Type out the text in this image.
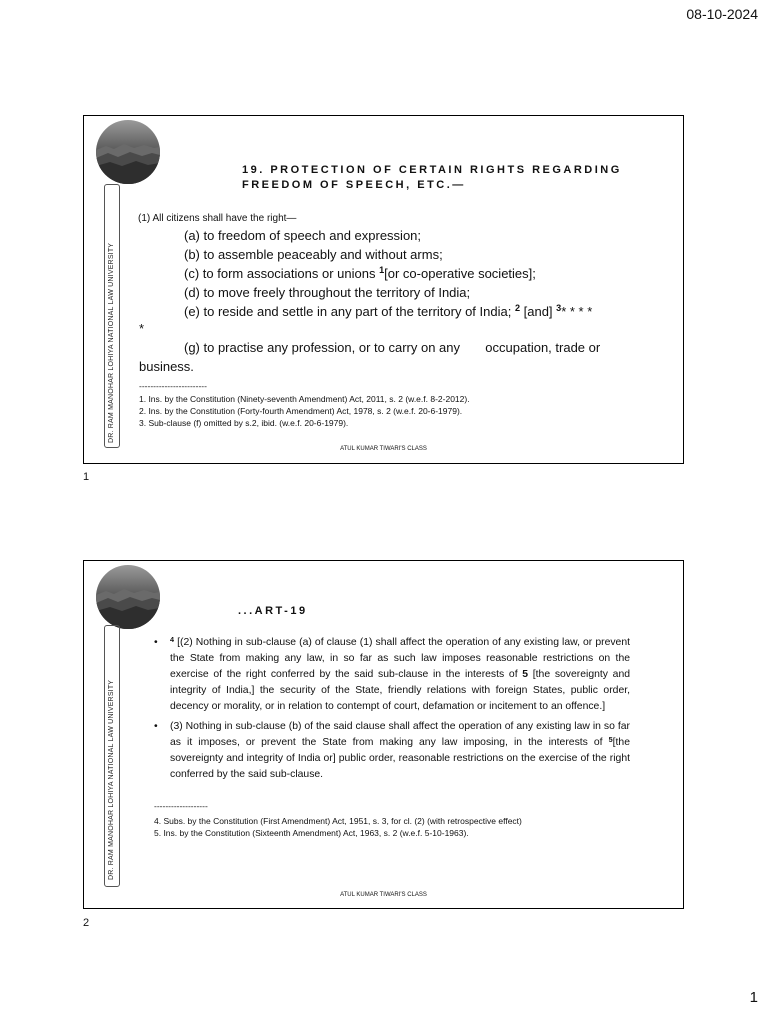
08-10-2024
DR. RAM MANOHAR LOHIYA NATIONAL LAW UNIVERSITY
19. PROTECTION OF CERTAIN RIGHTS REGARDING
FREEDOM OF SPEECH, ETC.—
(1) All citizens shall have the right—
(a) to freedom of speech and expression;
(b) to assemble peaceably and without arms;
(c) to form associations or unions $^1$[or co-operative societies];
(d) to move freely throughout the territory of India;
(e) to reside and settle in any part of the territory of India; $^2$ [and] $^3$* * * *
*
(g) to practise any profession, or to carry on any       occupation, trade or
business.
------------------------
1. Ins. by the Constitution (Ninety-seventh Amendment) Act, 2011, s. 2 (w.e.f. 8-2-2012).
2. Ins. by the Constitution (Forty-fourth Amendment) Act, 1978, s. 2 (w.e.f. 20-6-1979).
3. Sub-clause (f) omitted by s.2, ibid. (w.e.f. 20-6-1979).
ATUL KUMAR TIWARI'S CLASS
1
DR. RAM MANOHAR LOHIYA NATIONAL LAW UNIVERSITY
...ART-19
• $^4$ [(2) Nothing in sub-clause (a) of clause (1) shall affect the operation of any existing law, or prevent the State from making any law, in so far as such law imposes reasonable restrictions on the exercise of the right conferred by the said sub-clause in the interests of 5 [the sovereignty and integrity of India,] the security of the State, friendly relations with foreign States, public order, decency or morality, or in relation to contempt of court, defamation or incitement to an offence.]
• (3) Nothing in sub-clause (b) of the said clause shall affect the operation of any existing law in so far as it imposes, or prevent the State from making any law imposing, in the interests of $^5$[the sovereignty and integrity of India or] public order, reasonable restrictions on the exercise of the right conferred by the said sub-clause.
-------------------
4. Subs. by the Constitution (First Amendment) Act, 1951, s. 3, for cl. (2) (with retrospective effect)
5. Ins. by the Constitution (Sixteenth Amendment) Act, 1963, s. 2 (w.e.f. 5-10-1963).
ATUL KUMAR TIWARI'S CLASS
2
1
